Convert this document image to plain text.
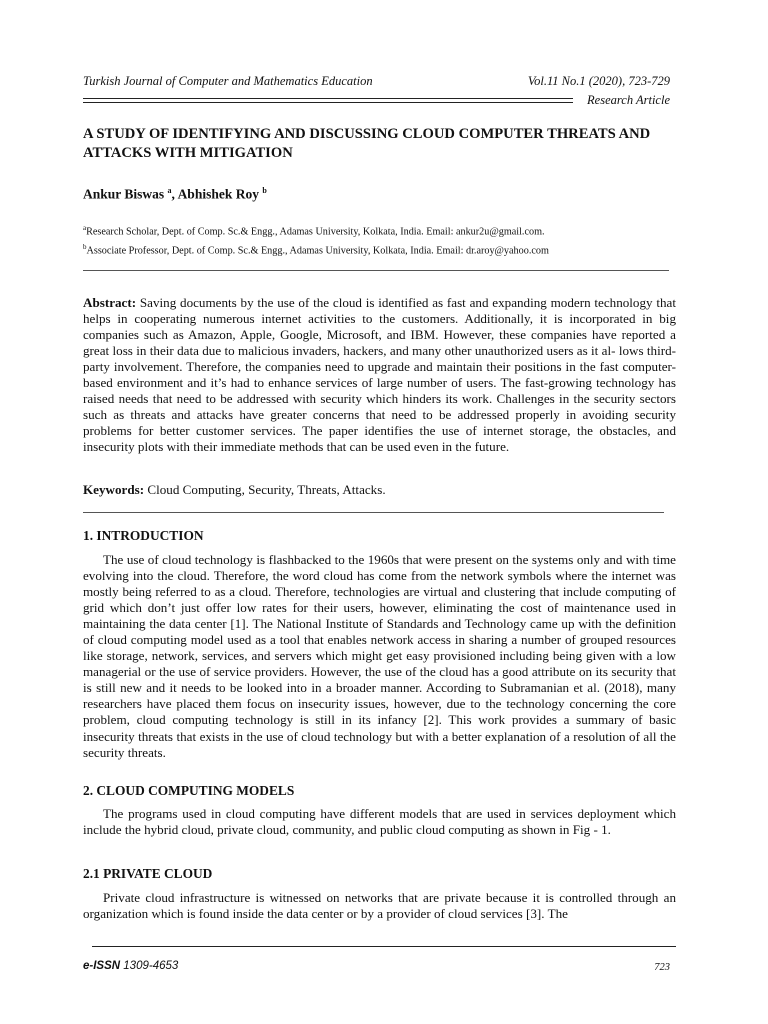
Turkish Journal of Computer and Mathematics Education	Vol.11 No.1 (2020), 723-729
Research Article
A STUDY OF IDENTIFYING AND DISCUSSING CLOUD COMPUTER THREATS AND ATTACKS WITH MITIGATION
Ankur Biswas $^a$, Abhishek Roy $^b$
$^a$Research Scholar, Dept. of Comp. Sc.& Engg., Adamas University, Kolkata, India. Email: ankur2u@gmail.com.
$^b$Associate Professor, Dept. of Comp. Sc.& Engg., Adamas University, Kolkata, India. Email: dr.aroy@yahoo.com

Abstract: Saving documents by the use of the cloud is identified as fast and expanding modern technology that helps in cooperating numerous internet activities to the customers. Additionally, it is incorporated in big companies such as Amazon, Apple, Google, Microsoft, and IBM. However, these companies have reported a great loss in their data due to malicious invaders, hackers, and many other unauthorized users as it al- lows third-party involvement. Therefore, the companies need to upgrade and maintain their positions in the fast computer-based environment and it’s had to enhance services of large number of users. The fast-growing technology has raised needs that need to be addressed with security which hinders its work. Challenges in the security sectors such as threats and attacks have greater concerns that need to be addressed properly in avoiding security problems for better customer services. The paper identifies the use of internet storage, the obstacles, and insecurity plots with their immediate methods that can be used even in the future.

Keywords: Cloud Computing, Security, Threats, Attacks.

1. INTRODUCTION

The use of cloud technology is flashbacked to the 1960s that were present on the systems only and with time evolving into the cloud. Therefore, the word cloud has come from the network symbols where the internet was mostly being referred to as a cloud. Therefore, technologies are virtual and clustering that include computing of grid which don’t just offer low rates for their users, however, eliminating the cost of maintenance used in maintaining the data center [1]. The National Institute of Standards and Technology came up with the definition of cloud computing model used as a tool that enables network access in sharing a number of grouped resources like storage, network, services, and servers which might get easy provisioned including being given with a low managerial or the use of service providers. However, the use of the cloud has a good attribute on its security that is still new and it needs to be looked into in a broader manner. According to Subramanian et al. (2018), many researchers have placed them focus on insecurity issues, however, due to the technology concerning the core problem, cloud computing technology is still in its infancy [2]. This work provides a summary of basic insecurity threats that exists in the use of cloud technology but with a better explanation of a resolution of all the security threats.

2. CLOUD COMPUTING MODELS

The programs used in cloud computing have different models that are used in services deployment which include the hybrid cloud, private cloud, community, and public cloud computing as shown in Fig - 1.

2.1 PRIVATE CLOUD

Private cloud infrastructure is witnessed on networks that are private because it is controlled through an organization which is found inside the data center or by a provider of cloud services [3]. The

e-ISSN 1309-4653	723
